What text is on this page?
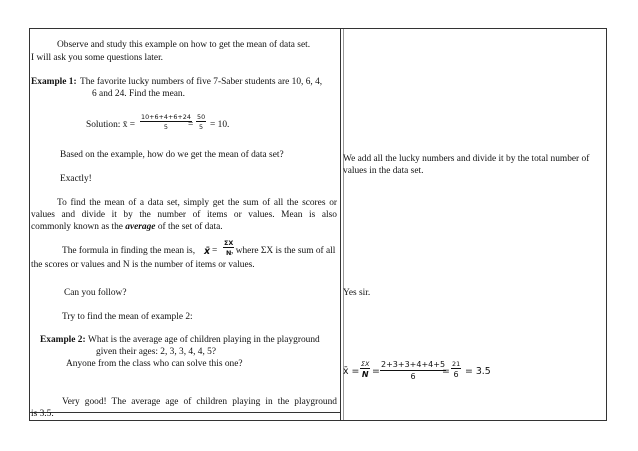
Observe and study this example on how to get the mean of data set.
I will ask you some questions later.
Example 1: The favorite lucky numbers of five 7-Saber students are 10, 6, 4,
6 and 24. Find the mean.
Solution: x̄ = $\frac{10+6+4+6+24}{5}$
= $\frac{50}{5} = 10$.
Based on the example, how do we get the mean of data set?
Exactly!
To find the mean of a data set, simply get the sum of all the scores or
values and divide it by the number of items or values. Mean is also
commonly known as the average of the set of data.
The formula in finding the mean is, x̄ = $\frac{\Sigma X}{N}$
, where ΣX is the sum of all
the scores or values and N is the number of items or values.
Can you follow?
Try to find the mean of example 2:
Example 2: What is the average age of children playing in the playground
given their ages: 2, 3, 3, 4, 4, 5?
Anyone from the class who can solve this one?
Very good! The average age of children playing in the playground
is 3.5.
We add all the lucky numbers and divide it by the total number of
values in the data set.
Yes sir.
x̄ =
ΣX
$N = \frac{2+3+3+4+4+5}{6}$
=
21
6 = 3.5
